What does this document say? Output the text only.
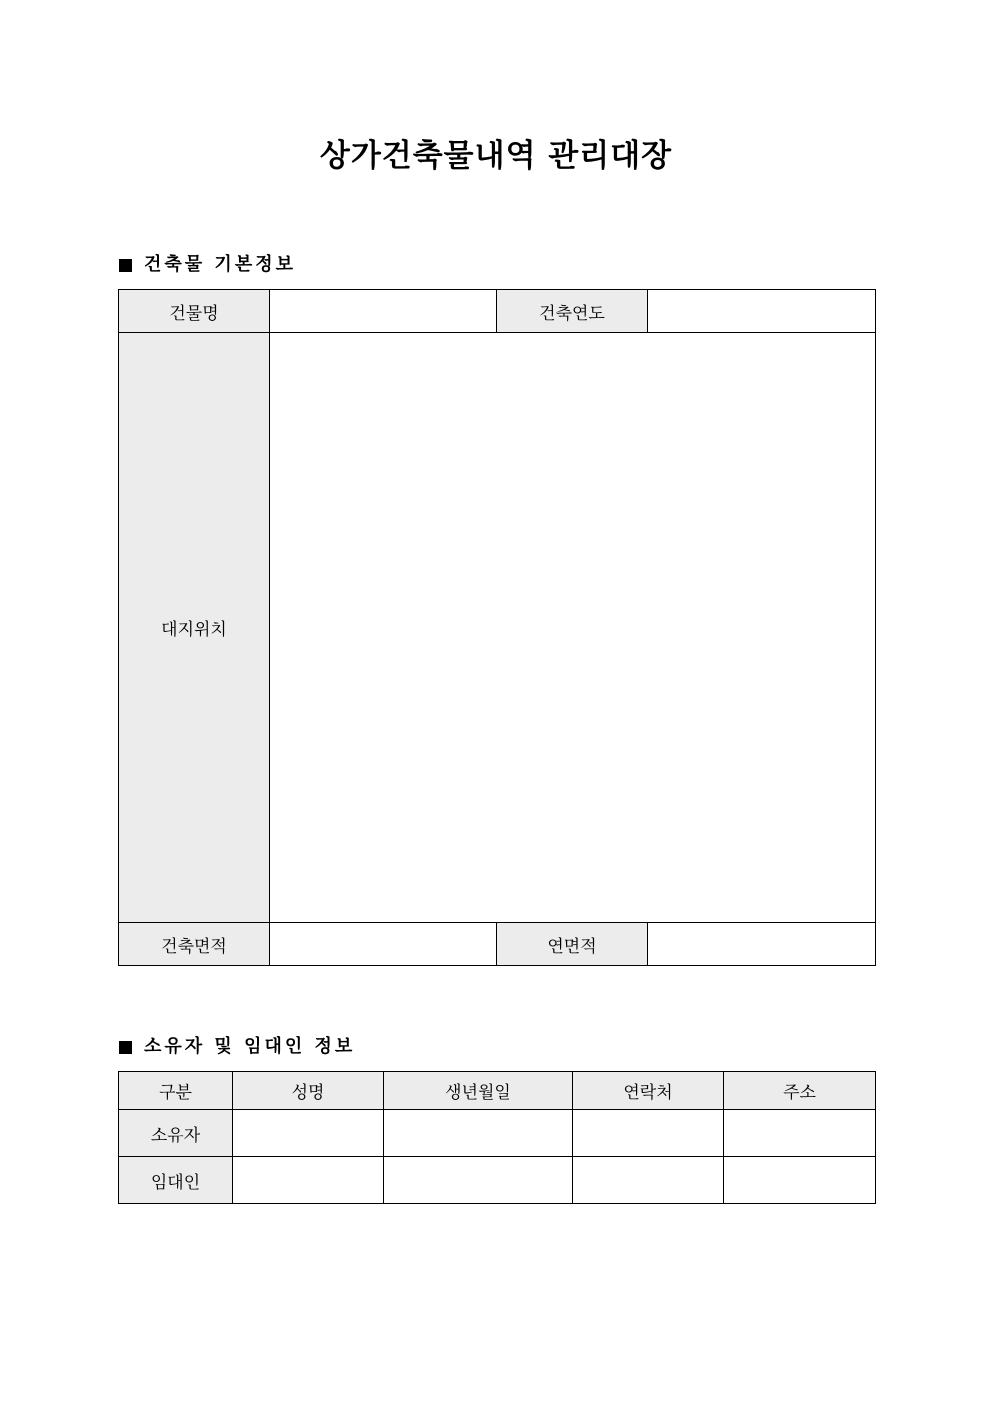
상가건축물내역 관리대장
건축물 기본정보
건물명		건축연도	
대지위치			
건축면적		연면적	
소유자 및 임대인 정보
구분	성명	생년월일	연락처	주소
소유자				
임대인				
